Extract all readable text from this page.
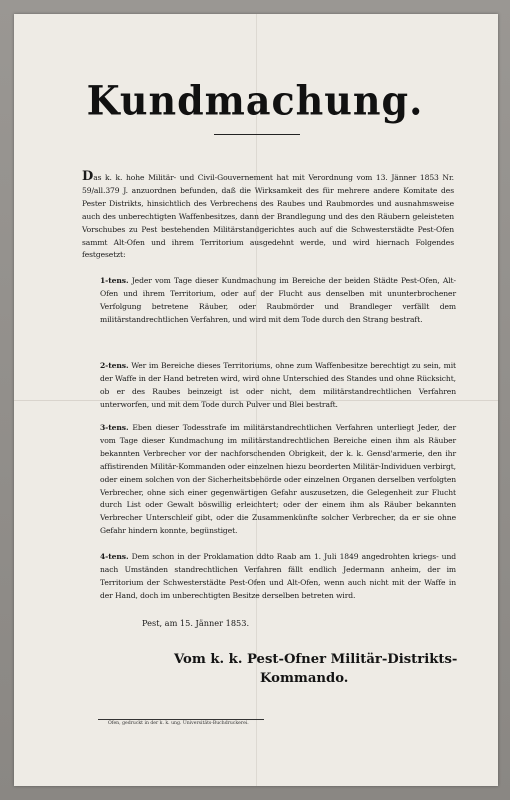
Kundmachung.
Das k. k. hohe Militär- und Civil-Gouvernement hat mit Verordnung vom 13. Jänner 1853 Nr. 59/all.379 J. anzuordnen befunden, daß die Wirksamkeit des für mehrere andere Komitate des Pester Distrikts, hinsichtlich des Verbrechens des Raubes und Raubmordes und ausnahmsweise auch des unberechtigten Waffenbesitzes, dann der Brandlegung und des den Räubern geleisteten Vorschubes zu Pest bestehenden Militärstandgerichtes auch auf die Schwesterstädte Pest-Ofen sammt Alt-Ofen und ihrem Territorium ausgedehnt werde, und wird hiernach Folgendes festgesetzt:
1-tens. Jeder vom Tage dieser Kundmachung im Bereiche der beiden Städte Pest-Ofen, Alt-Ofen und ihrem Territorium, oder auf der Flucht aus denselben mit ununterbrochener Verfolgung betretene Räuber, oder Raubmörder und Brandleger verfällt dem militärstandrechtlichen Verfahren, und wird mit dem Tode durch den Strang bestraft.
2-tens. Wer im Bereiche dieses Territoriums, ohne zum Waffenbesitze berechtigt zu sein, mit der Waffe in der Hand betreten wird, wird ohne Unterschied des Standes und ohne Rücksicht, ob er des Raubes beinzeigt ist oder nicht, dem militärstandrechtlichen Verfahren unterworfen, und mit dem Tode durch Pulver und Blei bestraft.
3-tens. Eben dieser Todesstrafe im militärstandrechtlichen Verfahren unterliegt Jeder, der vom Tage dieser Kundmachung im militärstandrechtlichen Bereiche einen ihm als Räuber bekannten Verbrecher vor der nachforschenden Obrigkeit, der k. k. Gensd'armerie, den ihr affistirenden Militär-Kommanden oder einzelnen hiezu beorderten Militär-Individuen verbirgt, oder einem solchen von der Sicherheitsbehörde oder einzelnen Organen derselben verfolgten Verbrecher, ohne sich einer gegenwärtigen Gefahr auszusetzen, die Gelegenheit zur Flucht durch List oder Gewalt böswillig erleichtert; oder der einem ihm als Räuber bekannten Verbrecher Unterschleif gibt, oder die Zusammenkünfte solcher Verbrecher, da er sie ohne Gefahr hindern konnte, begünstiget.
4-tens. Dem schon in der Proklamation ddto Raab am 1. Juli 1849 angedrohten kriegs- und nach Umständen standrechtlichen Verfahren fällt endlich Jedermann anheim, der im Territorium der Schwesterstädte Pest-Ofen und Alt-Ofen, wenn auch nicht mit der Waffe in der Hand, doch im unberechtigten Besitze derselben betreten wird.
Pest, am 15. Jänner 1853.
Vom k. k. Pest-Ofner Militär-Distrikts-
Kommando.
Ofen, gedruckt in der k. k. ung. Universitäts-Buchdruckerei.
